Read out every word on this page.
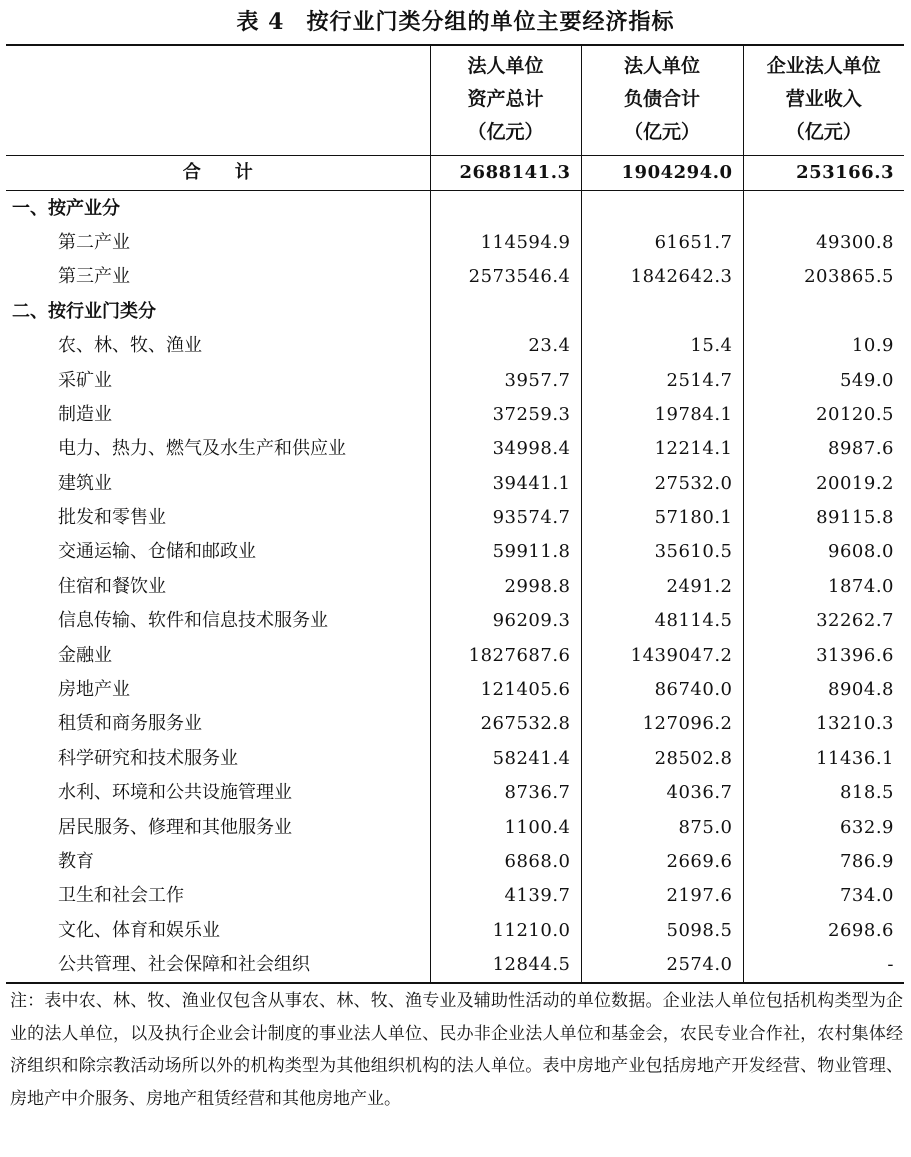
表 4 按行业门类分组的单位主要经济指标

	法人单位
资产总计
（亿元）	法人单位
负债合计
（亿元）	企业法人单位
营业收入
（亿元）

合计	2688141.3	1904294.0	253166.3
一、按产业分			
第二产业	114594.9	61651.7	49300.8
第三产业	2573546.4	1842642.3	203865.5
二、按行业门类分			
农、林、牧、渔业	23.4	15.4	10.9
采矿业	3957.7	2514.7	549.0
制造业	37259.3	19784.1	20120.5
电力、热力、燃气及水生产和供应业	34998.4	12214.1	8987.6
建筑业	39441.1	27532.0	20019.2
批发和零售业	93574.7	57180.1	89115.8
交通运输、仓储和邮政业	59911.8	35610.5	9608.0
住宿和餐饮业	2998.8	2491.2	1874.0
信息传输、软件和信息技术服务业	96209.3	48114.5	32262.7
金融业	1827687.6	1439047.2	31396.6
房地产业	121405.6	86740.0	8904.8
租赁和商务服务业	267532.8	127096.2	13210.3
科学研究和技术服务业	58241.4	28502.8	11436.1
水利、环境和公共设施管理业	8736.7	4036.7	818.5
居民服务、修理和其他服务业	1100.4	875.0	632.9
教育	6868.0	2669.6	786.9
卫生和社会工作	4139.7	2197.6	734.0
文化、体育和娱乐业	11210.0	5098.5	2698.6
公共管理、社会保障和社会组织	12844.5	2574.0	-
注：表中农、林、牧、渔业仅包含从事农、林、牧、渔专业及辅助性活动的单位数据。企业法人单位包括机构类型为企业的法人单位，以及执行企业会计制度的事业法人单位、民办非企业法人单位和基金会，农民专业合作社，农村集体经济组织和除宗教活动场所以外的机构类型为其他组织机构的法人单位。表中房地产业包括房地产开发经营、物业管理、房地产中介服务、房地产租赁经营和其他房地产业。
